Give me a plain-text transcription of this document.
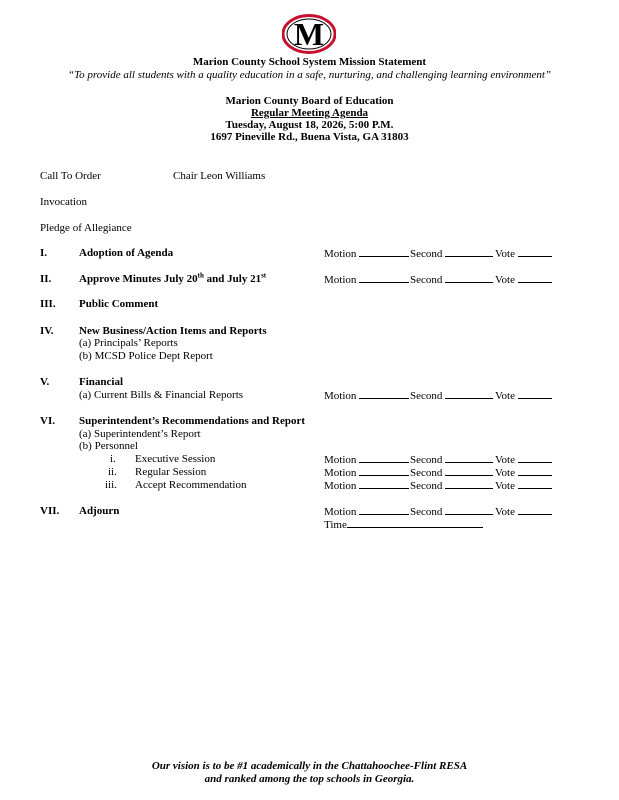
M
Marion County School System Mission Statement
“To provide all students with a quality education in a safe, nurturing, and challenging learning environment”
Marion County Board of Education
Regular Meeting Agenda
Tuesday, August 18, 2026, 5:00 P.M.
1697 Pineville Rd., Buena Vista, GA 31803
Call To Order	Chair Leon Williams
Invocation
Pledge of Allegiance
I.	Adoption of Agenda	Motion	Second	Vote
II.	Approve Minutes July 20th and July 21st	Motion	Second	Vote
III. Public Comment
IV. New Business/Action Items and Reports
(a) Principals’ Reports
(b) MCSD Police Dept Report
V.	Financial
(a) Current Bills & Financial Reports	Motion	Second	Vote
VI. Superintendent’s Recommendations and Report
(a) Superintendent’s Report
(b) Personnel
i. Executive Session	Motion	Second	Vote
ii. Regular Session	Motion	Second	Vote
iii. Accept Recommendation	Motion	Second	Vote
VII. Adjourn	Motion	Second	Vote
Time
Our vision is to be #1 academically in the Chattahoochee-Flint RESA
and ranked among the top schools in Georgia.
